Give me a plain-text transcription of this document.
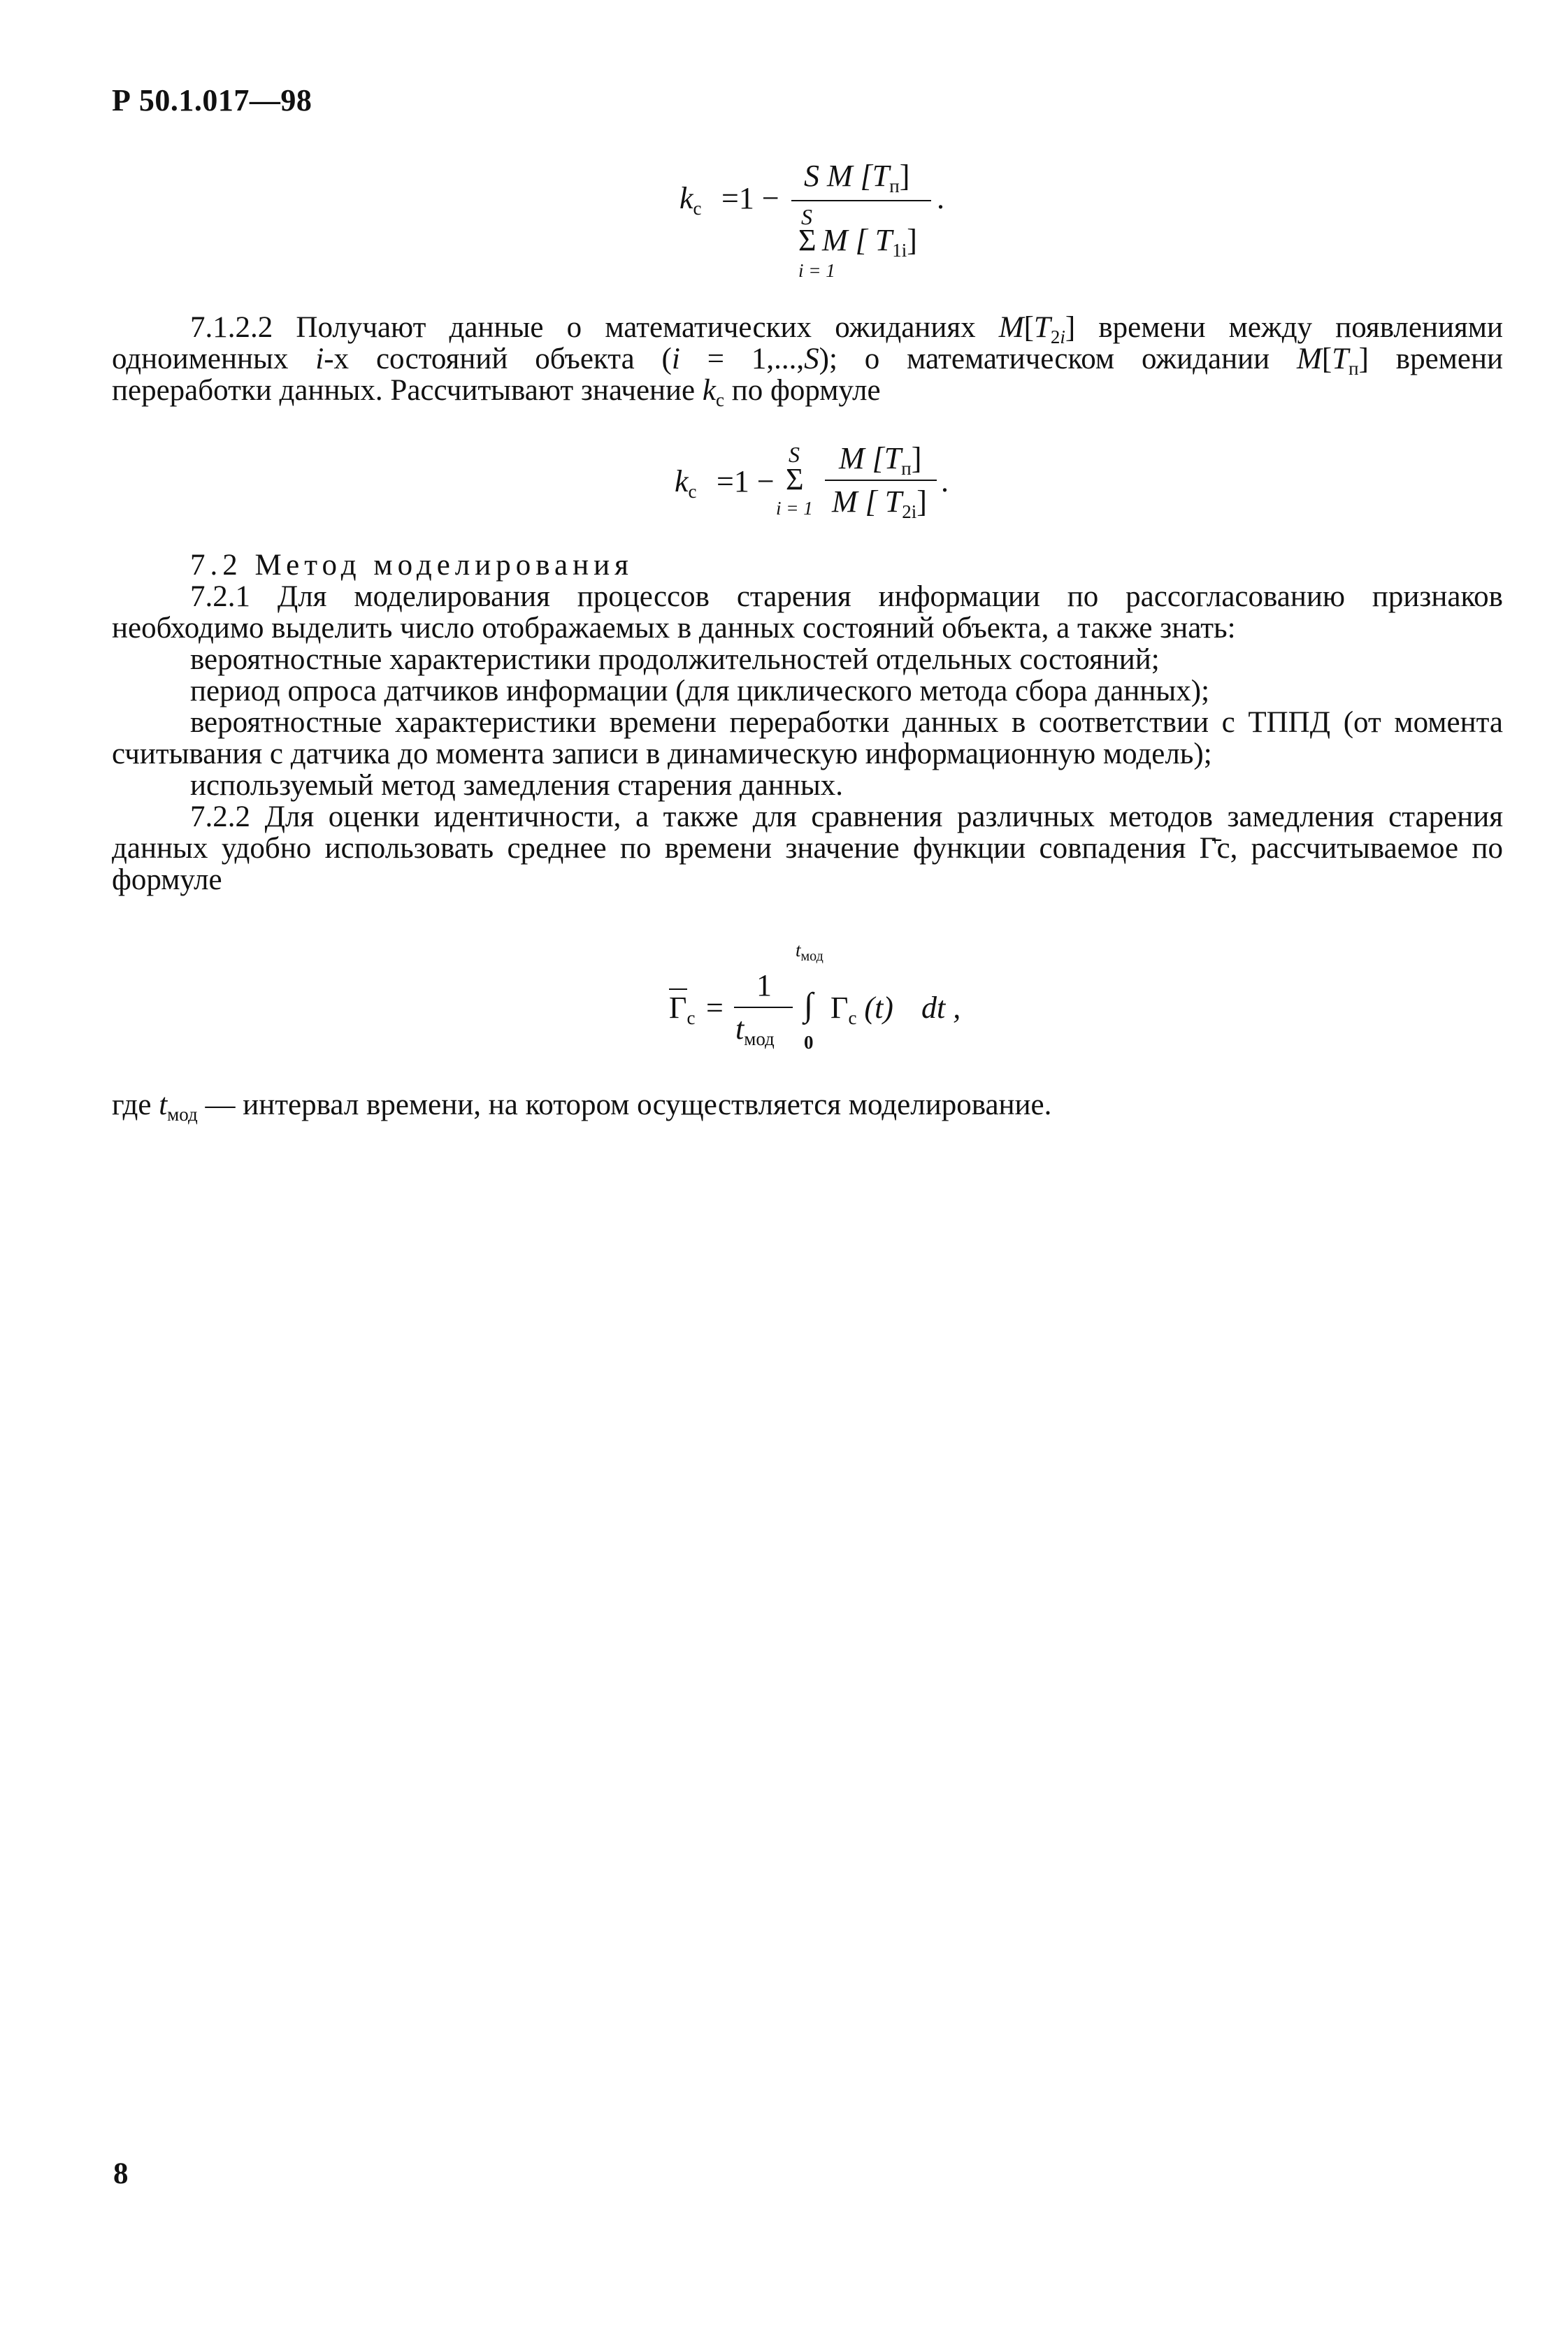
Р 50.1.017—98
$k_c =1$ −
S M $[T_п]$
S
Σ M [ $T_{1i}$]
i = 1
.

7.1.2.2 Получают данные о математических ожиданиях $M[T_{2i}]$ времени между появлениями

одноименных i-х состояний объекта (i = 1,...,S); о математическом ожидании $M[T_п]$ времени

переработки данных. Рассчитывают значение $k_c$ по формуле

$k_c =1$ −
S
Σ
i = 1
M $[T_п]$
M [ $T_{2i}$]
.

7.2 Метод моделирования

7.2.1 Для моделирования процессов старения информации по рассогласованию признаков необходимо выделить число отображаемых в данных состояний объекта, а также знать:

вероятностные характеристики продолжительностей отдельных состояний;

период опроса датчиков информации (для циклического метода сбора данных);

вероятностные характеристики времени переработки данных в соответствии с ТППД (от момента считывания с датчика до момента записи в динамическую информационную модель);

используемый метод замедления старения данных.

7.2.2 Для оценки идентичности, а также для сравнения различных методов замедления старения данных удобно использовать среднее по времени значение функции совпадения Г̄c, рассчитываемое по формуле

$Г_c$ =
1
$t_{мод}$
$t_{мод}$
∫
0
$Г_c$ (t) dt ,

где $t_{мод}$ — интервал времени, на котором осуществляется моделирование.

8
